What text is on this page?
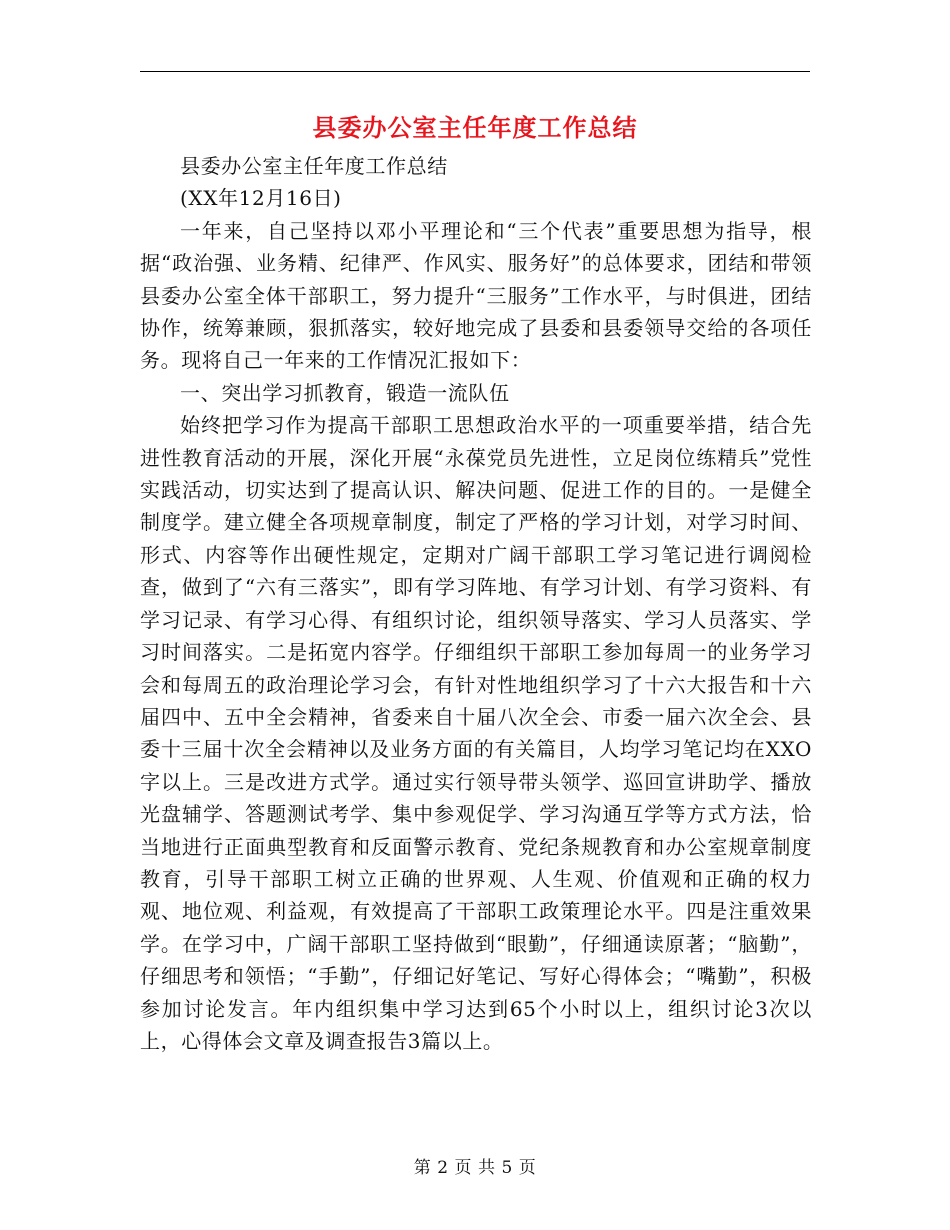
县委办公室主任年度工作总结

县委办公室主任年度工作总结

(XX年12月16日)

一年来，自己坚持以邓小平理论和“三个代表”重要思想为指导，根据“政治强、业务精、纪律严、作风实、服务好”的总体要求，团结和带领县委办公室全体干部职工，努力提升“三服务”工作水平，与时俱进，团结协作，统筹兼顾，狠抓落实，较好地完成了县委和县委领导交给的各项任务。现将自己一年来的工作情况汇报如下：

一、突出学习抓教育，锻造一流队伍

始终把学习作为提高干部职工思想政治水平的一项重要举措，结合先进性教育活动的开展，深化开展“永葆党员先进性，立足岗位练精兵”党性实践活动，切实达到了提高认识、解决问题、促进工作的目的。一是健全制度学。建立健全各项规章制度，制定了严格的学习计划，对学习时间、形式、内容等作出硬性规定，定期对广阔干部职工学习笔记进行调阅检查，做到了“六有三落实”，即有学习阵地、有学习计划、有学习资料、有学习记录、有学习心得、有组织讨论，组织领导落实、学习人员落实、学习时间落实。二是拓宽内容学。仔细组织干部职工参加每周一的业务学习会和每周五的政治理论学习会，有针对性地组织学习了十六大报告和十六届四中、五中全会精神，省委来自十届八次全会、市委一届六次全会、县委十三届十次全会精神以及业务方面的有关篇目，人均学习笔记均在XXO字以上。三是改进方式学。通过实行领导带头领学、巡回宣讲助学、播放光盘辅学、答题测试考学、集中参观促学、学习沟通互学等方式方法，恰当地进行正面典型教育和反面警示教育、党纪条规教育和办公室规章制度教育，引导干部职工树立正确的世界观、人生观、价值观和正确的权力观、地位观、利益观，有效提高了干部职工政策理论水平。四是注重效果学。在学习中，广阔干部职工坚持做到“眼勤”，仔细通读原著；“脑勤”，仔细思考和领悟；“手勤”，仔细记好笔记、写好心得体会；“嘴勤”，积极参加讨论发言。年内组织集中学习达到65个小时以上，组织讨论3次以上，心得体会文章及调查报告3篇以上。

第 2 页 共 5 页
